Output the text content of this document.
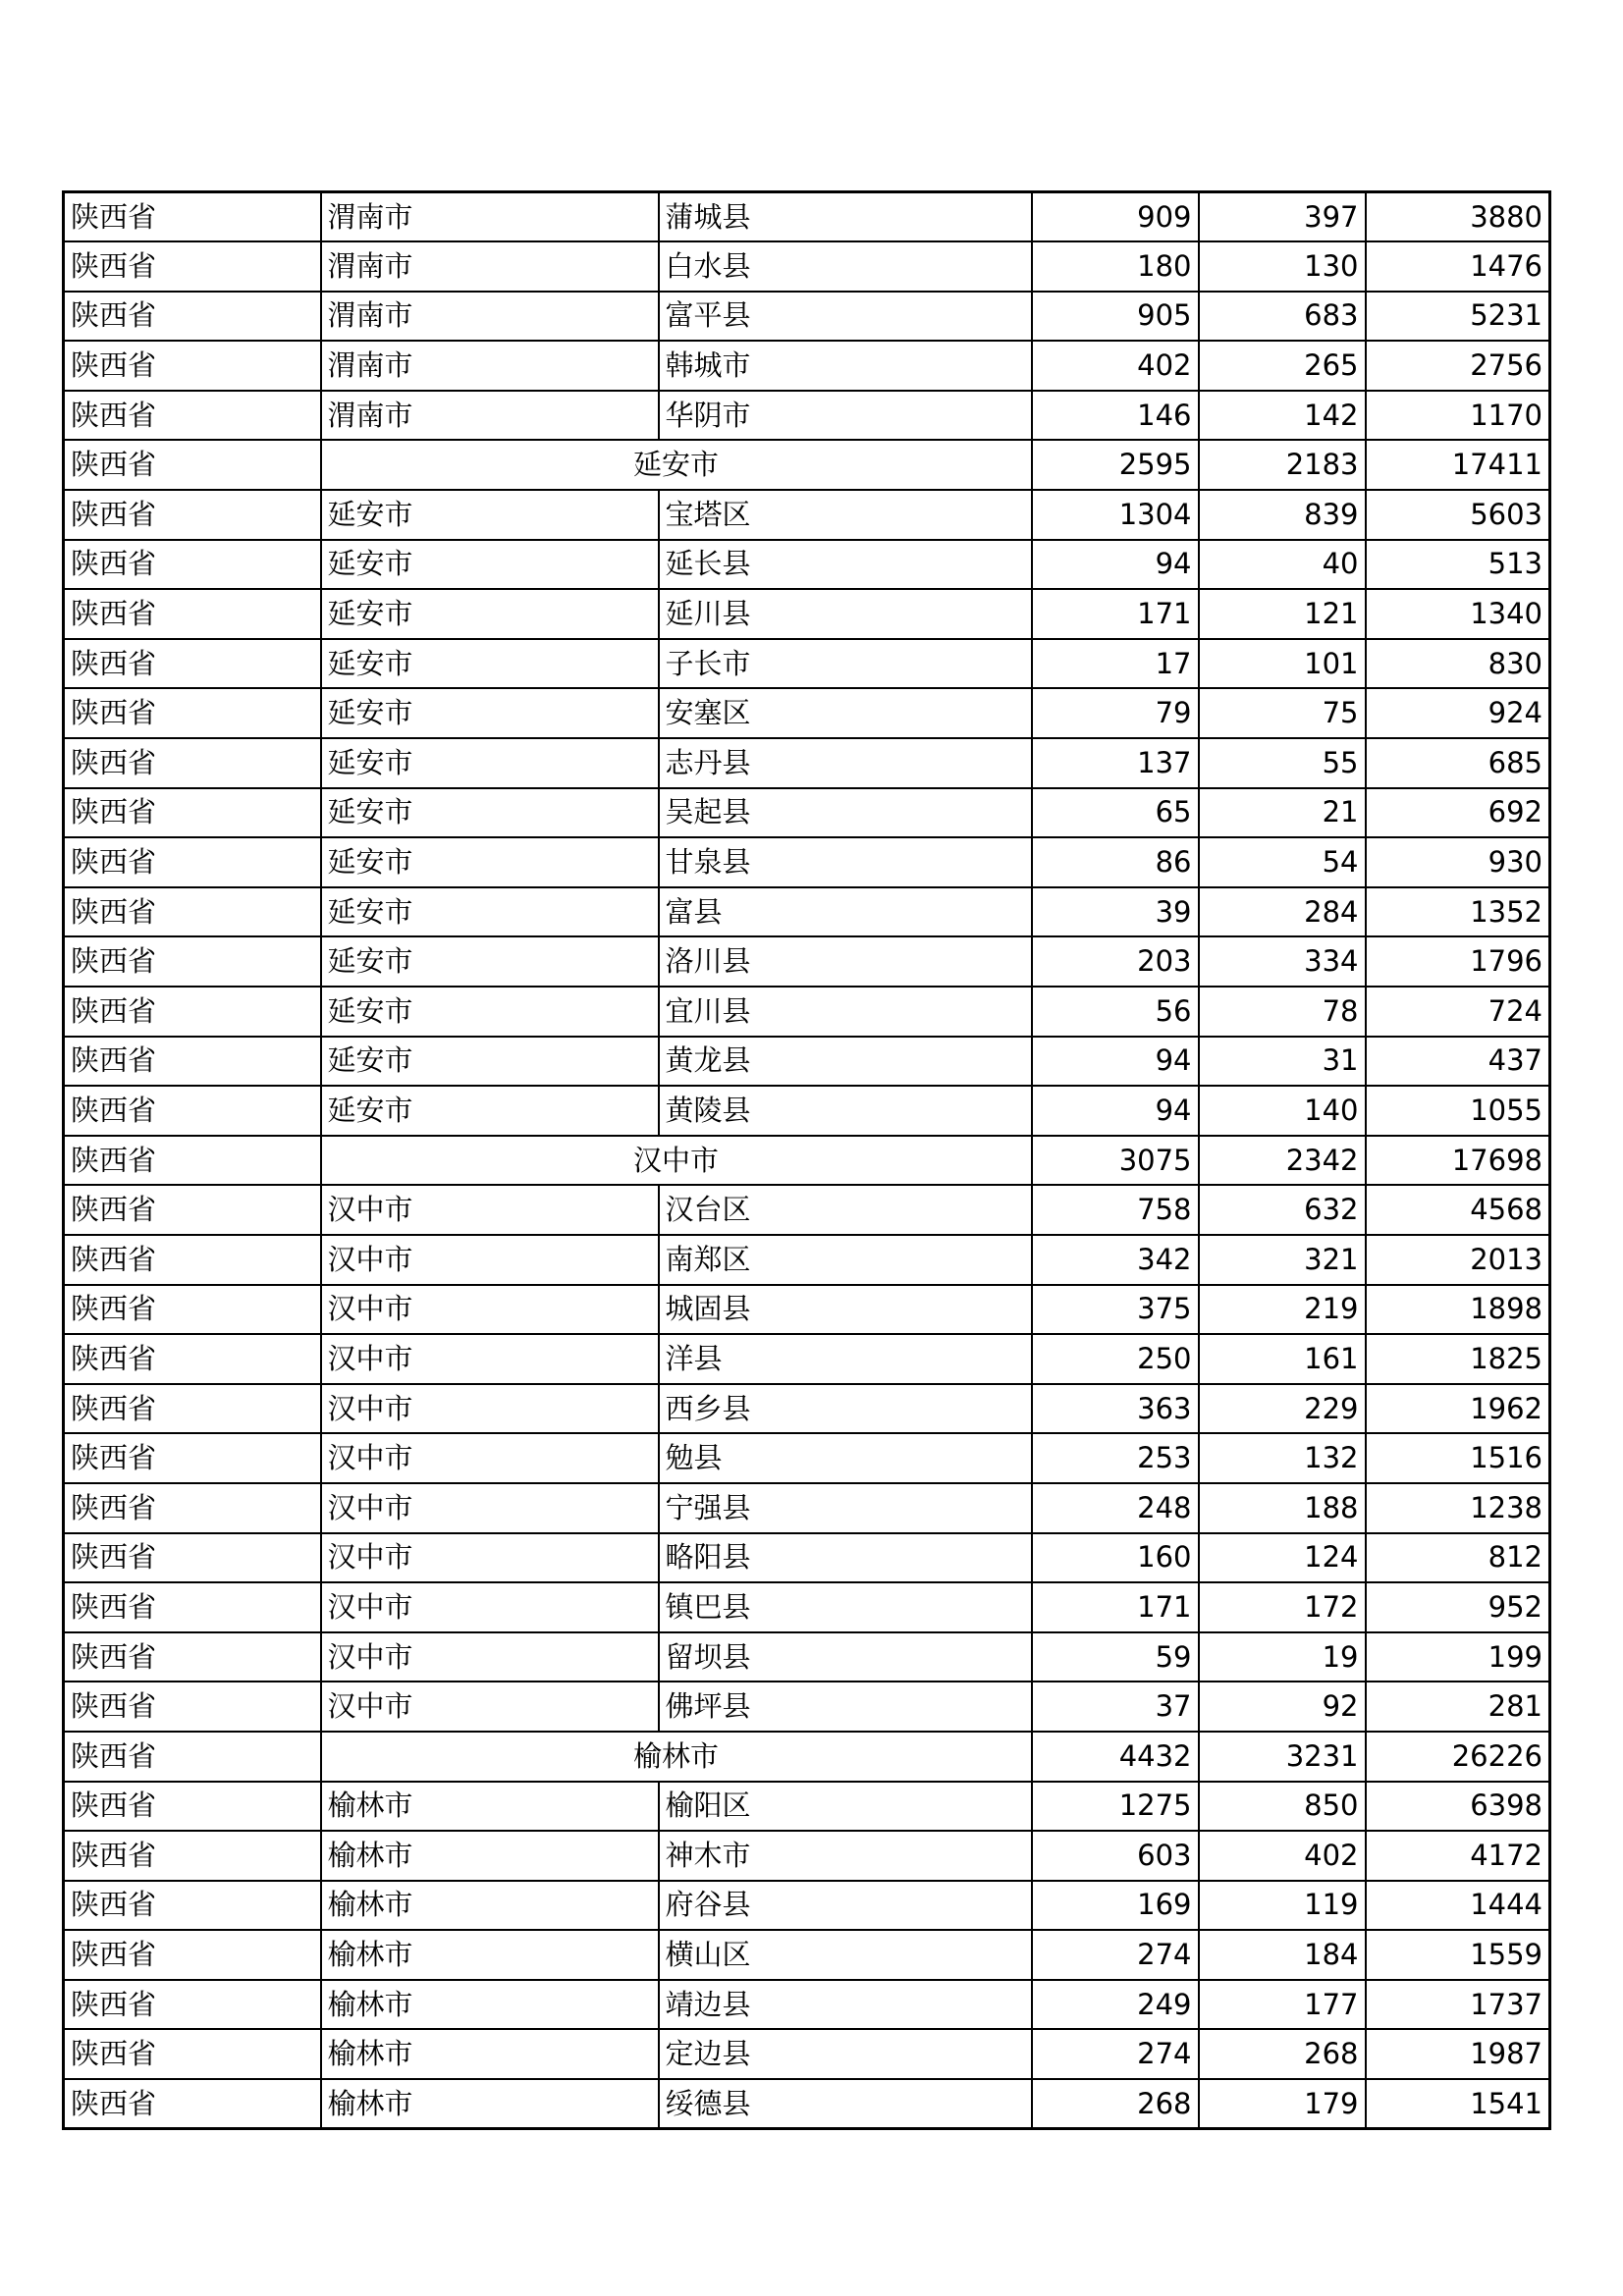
陕西省	渭南市	蒲城县	909	397	3880
陕西省	渭南市	白水县	180	130	1476
陕西省	渭南市	富平县	905	683	5231
陕西省	渭南市	韩城市	402	265	2756
陕西省	渭南市	华阴市	146	142	1170
陕西省	延安市		2595	2183	17411
陕西省	延安市	宝塔区	1304	839	5603
陕西省	延安市	延长县	94	40	513
陕西省	延安市	延川县	171	121	1340
陕西省	延安市	子长市	17	101	830
陕西省	延安市	安塞区	79	75	924
陕西省	延安市	志丹县	137	55	685
陕西省	延安市	吴起县	65	21	692
陕西省	延安市	甘泉县	86	54	930
陕西省	延安市	富县	39	284	1352
陕西省	延安市	洛川县	203	334	1796
陕西省	延安市	宜川县	56	78	724
陕西省	延安市	黄龙县	94	31	437
陕西省	延安市	黄陵县	94	140	1055
陕西省	汉中市		3075	2342	17698
陕西省	汉中市	汉台区	758	632	4568
陕西省	汉中市	南郑区	342	321	2013
陕西省	汉中市	城固县	375	219	1898
陕西省	汉中市	洋县	250	161	1825
陕西省	汉中市	西乡县	363	229	1962
陕西省	汉中市	勉县	253	132	1516
陕西省	汉中市	宁强县	248	188	1238
陕西省	汉中市	略阳县	160	124	812
陕西省	汉中市	镇巴县	171	172	952
陕西省	汉中市	留坝县	59	19	199
陕西省	汉中市	佛坪县	37	92	281
陕西省	榆林市		4432	3231	26226
陕西省	榆林市	榆阳区	1275	850	6398
陕西省	榆林市	神木市	603	402	4172
陕西省	榆林市	府谷县	169	119	1444
陕西省	榆林市	横山区	274	184	1559
陕西省	榆林市	靖边县	249	177	1737
陕西省	榆林市	定边县	274	268	1987
陕西省	榆林市	绥德县	268	179	1541
